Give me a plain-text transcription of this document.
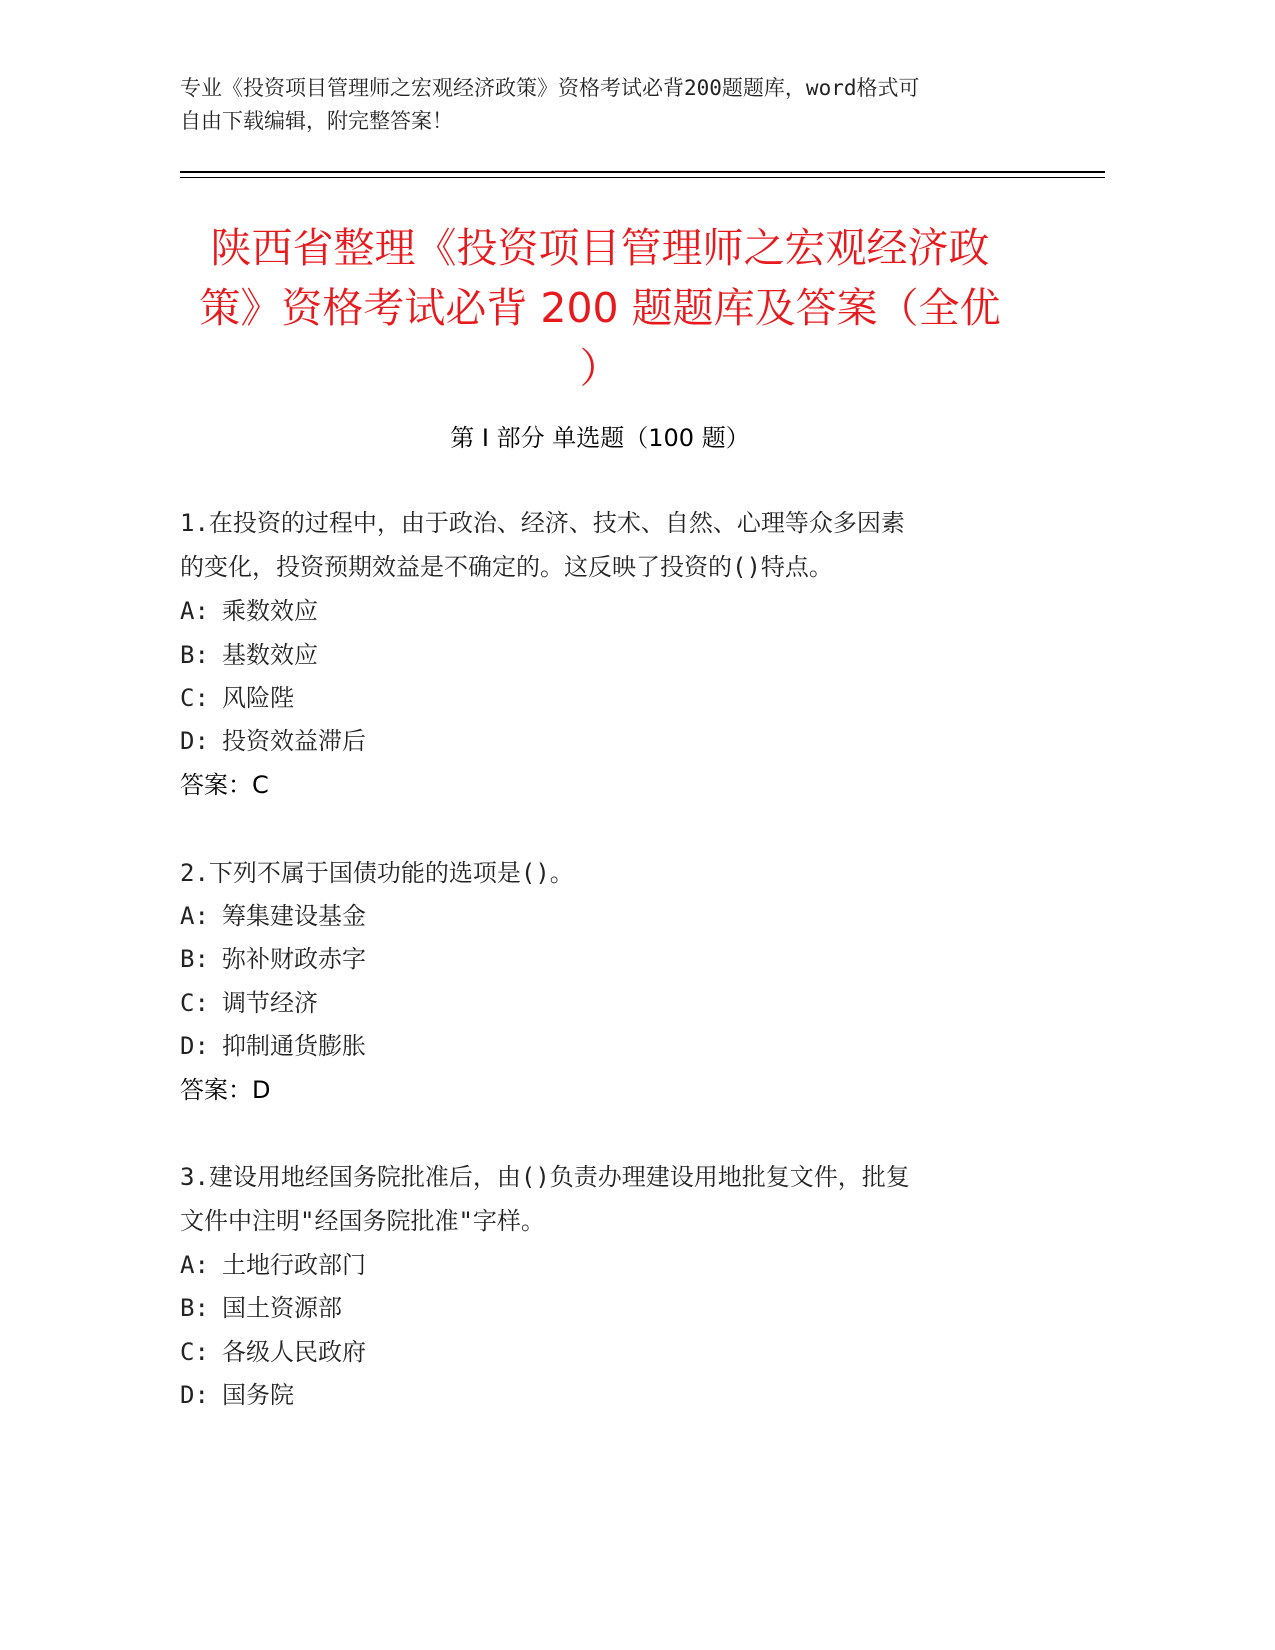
专业《投资项目管理师之宏观经济政策》资格考试必背200题题库，word格式可
自由下载编辑，附完整答案！
陕西省整理《投资项目管理师之宏观经济政
策》资格考试必背 200 题题库及答案（全优
）
第 I 部分 单选题（100 题）
1.在投资的过程中，由于政治、经济、技术、自然、心理等众多因素
的变化，投资预期效益是不确定的。这反映了投资的()特点。
A: 乘数效应
B: 基数效应
C: 风险陛
D: 投资效益滞后
答案：C
2.下列不属于国债功能的选项是()。
A: 筹集建设基金
B: 弥补财政赤字
C: 调节经济
D: 抑制通货膨胀
答案：D
3.建设用地经国务院批准后，由()负责办理建设用地批复文件，批复
文件中注明"经国务院批准"字样。
A: 土地行政部门
B: 国土资源部
C: 各级人民政府
D: 国务院
